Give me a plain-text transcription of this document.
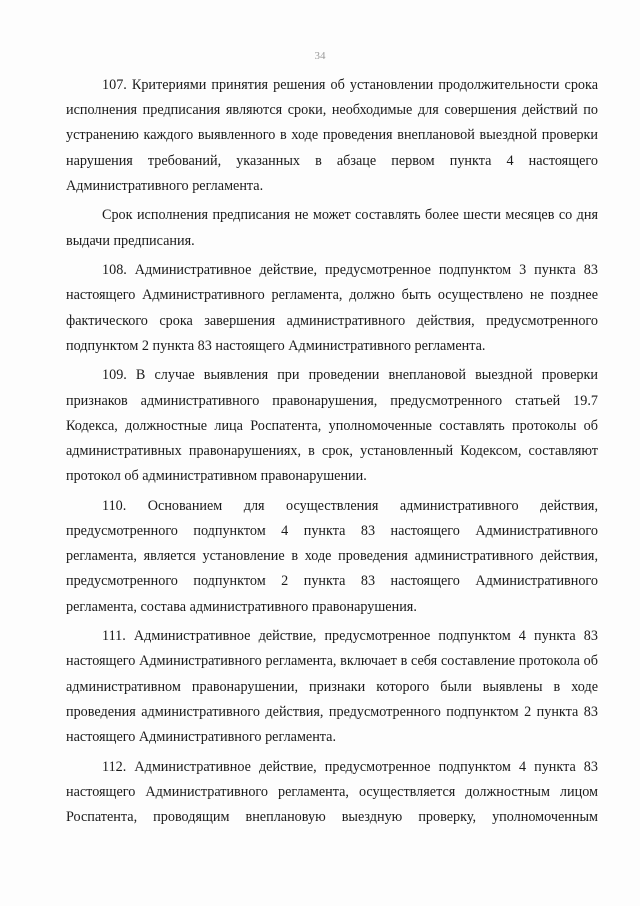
34

107. Критериями принятия решения об установлении продолжительности срока исполнения предписания являются сроки, необходимые для совершения действий по устранению каждого выявленного в ходе проведения внеплановой выездной проверки нарушения требований, указанных в абзаце первом пункта 4 настоящего Административного регламента.

Срок исполнения предписания не может составлять более шести месяцев со дня выдачи предписания.

108. Административное действие, предусмотренное подпунктом 3 пункта 83 настоящего Административного регламента, должно быть осуществлено не позднее фактического срока завершения административного действия, предусмотренного подпунктом 2 пункта 83 настоящего Административного регламента.

109. В случае выявления при проведении внеплановой выездной проверки признаков административного правонарушения, предусмотренного статьей 19.7 Кодекса, должностные лица Роспатента, уполномоченные составлять протоколы об административных правонарушениях, в срок, установленный Кодексом, составляют протокол об административном правонарушении.

110. Основанием для осуществления административного действия, предусмотренного подпунктом 4 пункта 83 настоящего Административного регламента, является установление в ходе проведения административного действия, предусмотренного подпунктом 2 пункта 83 настоящего Административного регламента, состава административного правонарушения.

111. Административное действие, предусмотренное подпунктом 4 пункта 83 настоящего Административного регламента, включает в себя составление протокола об административном правонарушении, признаки которого были выявлены в ходе проведения административного действия, предусмотренного подпунктом 2 пункта 83 настоящего Административного регламента.

112. Административное действие, предусмотренное подпунктом 4 пункта 83 настоящего Административного регламента, осуществляется должностным лицом Роспатента, проводящим внеплановую выездную проверку, уполномоченным
